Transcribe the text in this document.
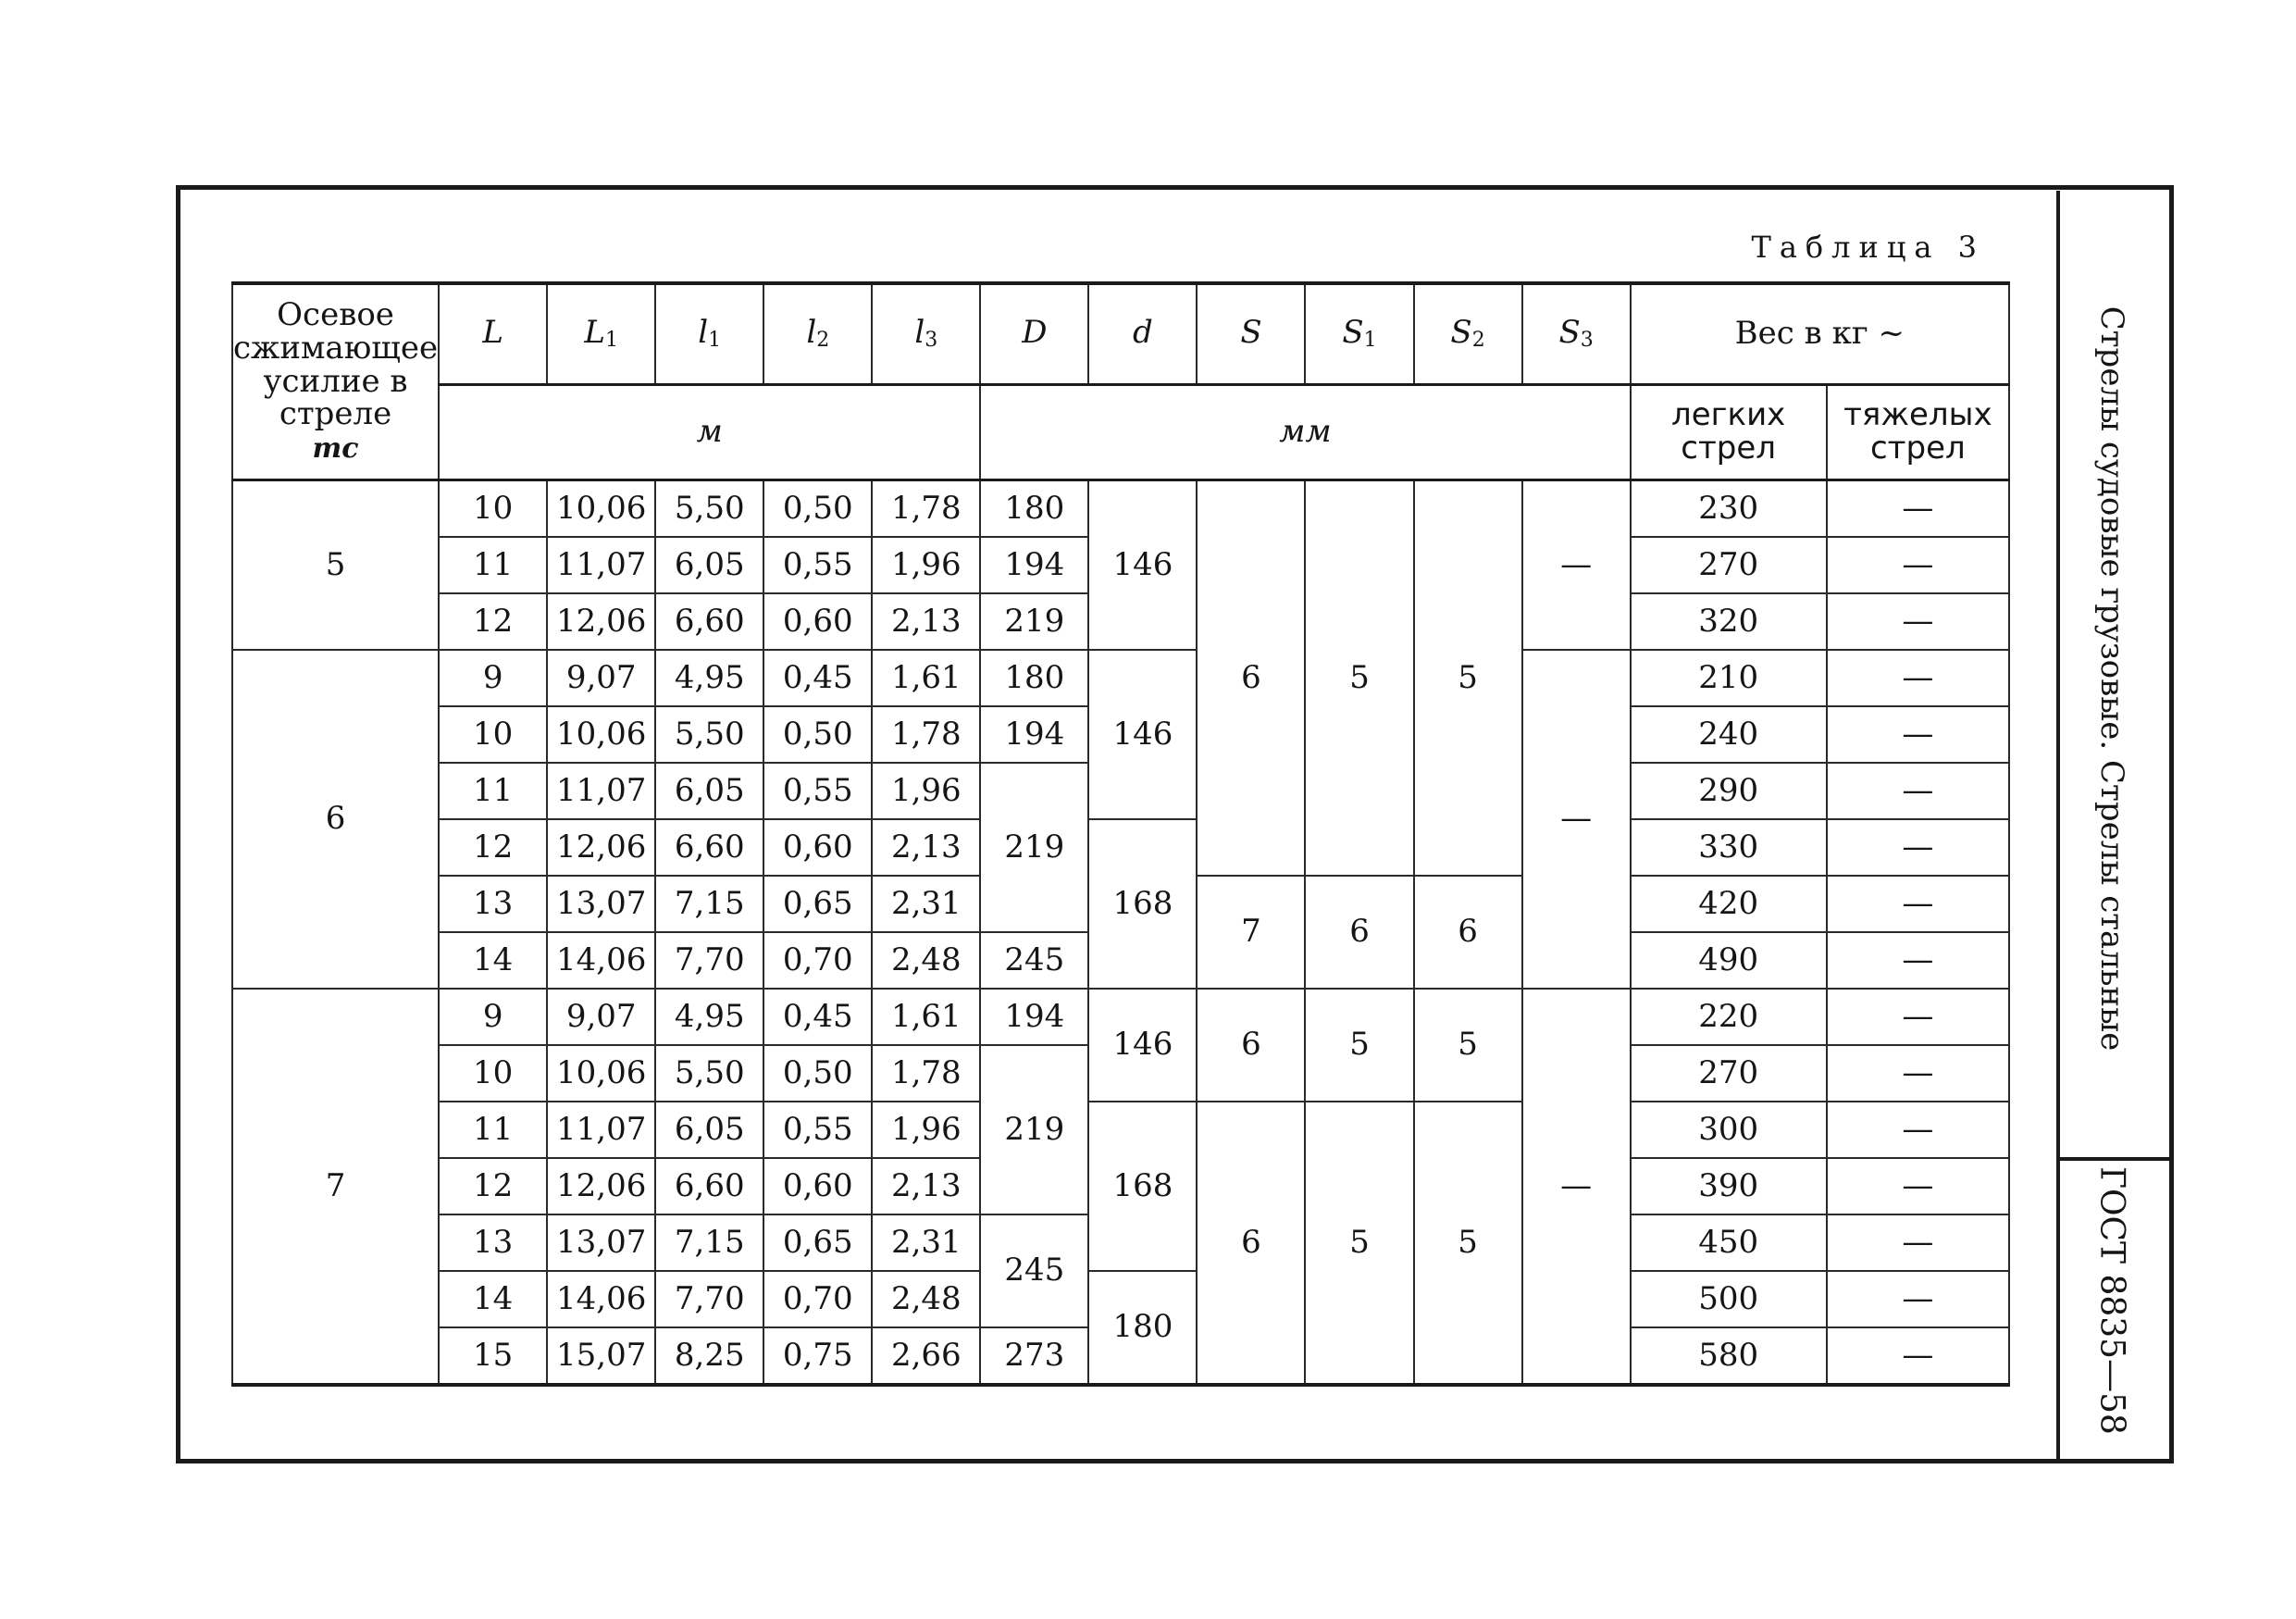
Таблица 3
Стрелы судовые грузовые. Стрелы стальные
ГОСТ 8835—58
Осевое сжимающее усилие в стреле
тс	L	L1	l1	l2	l3	D	d	S	S1	S2	S3	Вес в кг ~	
	м					мм						легких стрел	тяжелых стрел
5	10	10,06	5,50	0,50	1,78	180	146	6	5	5	—	230	—
	11	11,07	6,05	0,55	1,96	194						270	—
	12	12,06	6,60	0,60	2,13	219						320	—
6	9	9,07	4,95	0,45	1,61	180	146				—	210	—
	10	10,06	5,50	0,50	1,78	194						240	—
	11	11,07	6,05	0,55	1,96	219						290	—
	12	12,06	6,60	0,60	2,13		168					330	—
	13	13,07	7,15	0,65	2,31			7	6	6		420	—
	14	14,06	7,70	0,70	2,48	245						490	—
7	9	9,07	4,95	0,45	1,61	194	146	6	5	5	—	220	—
	10	10,06	5,50	0,50	1,78	219						270	—
	11	11,07	6,05	0,55	1,96		168	6	5	5		300	—
	12	12,06	6,60	0,60	2,13							390	—
	13	13,07	7,15	0,65	2,31	245						450	—
	14	14,06	7,70	0,70	2,48		180					500	—
	15	15,07	8,25	0,75	2,66	273						580	—
